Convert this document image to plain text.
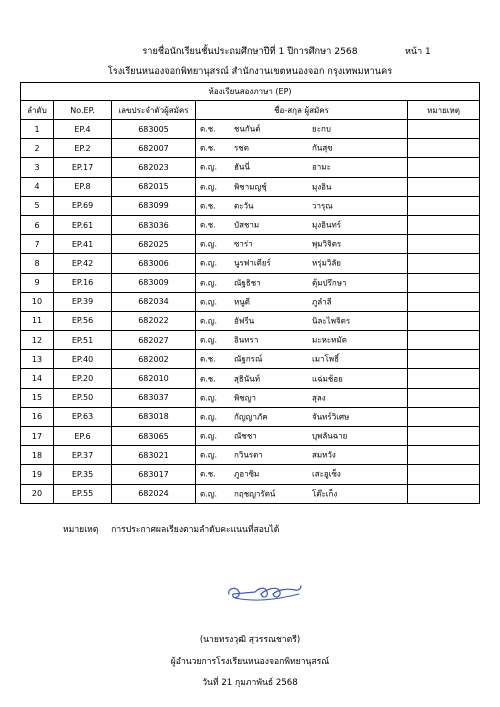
รายชื่อนักเรียนชั้นประถมศึกษาปีที่ 1 ปีการศึกษา 2568	หน้า 1
โรงเรียนหนองจอกพิทยานุสรณ์ สำนักงานเขตหนองจอก กรุงเทพมหานคร
ห้องเรียนสองภาษา (EP)				
ลำดับ	No.EP.	เลขประจำตัวผู้สมัคร	ชื่อ-สกุล ผู้สมัคร	หมายเหตุ
1	EP.4	683005	ด.ช. ชนกันต์ ยะกบ	

2	EP.2	682007	ด.ช. รชต กันสุข	

3	EP.17	682023	ด.ญ. ฮันนี่ อามะ	

4	EP.8	682015	ด.ญ. พิชามญชุ์ มุงอิน	

5	EP.69	683099	ด.ช. ตะวัน วารุณ	

6	EP.61	683036	ด.ช. บัสชาม มุงอินทร์	

7	EP.41	682025	ด.ญ. ซาร่า พุมวิจิตร	

8	EP.42	683006	ด.ญ. นูรฟาเดียร์ หรุ่มวิลัย	

9	EP.16	683009	ด.ญ. ณัฐธิชา ตุ้มปรึกษา	

10	EP.39	682034	ด.ญ. หนูดี ภูลำลี	

11	EP.56	682022	ด.ญ. อัฟรีน นิละไพจิตร	

12	EP.51	682027	ด.ญ. อินทรา มะหะหมัด	

13	EP.40	682002	ด.ช. ณัฐกรณ์ เมาโพธิ์	

14	EP.20	682010	ด.ช. สุธินันท์ แฉ่มช้อย	

15	EP.50	683037	ด.ญ. พิชญา สุลง	

16	EP.63	683018	ด.ญ. กัญญาภัค จันทร์วิเศษ	

17	EP.6	683065	ด.ญ. ณัชชา บุพลันฉาย	

18	EP.37	683021	ด.ญ. กวินรดา สมหวัง	

19	EP.35	683017	ด.ช. ภูอาซิม เสะอูเซ็ง	

20	EP.55	682024	ด.ญ. กฤชญารัตน์ โต๊ะเก็ง	

หมายเหตุ การประกาศผลเรียงตามลำดับคะแนนที่สอบได้
(นายทรงวุฒิ สุวรรณชาตรี)
ผู้อำนวยการโรงเรียนหนองจอกพิทยานุสรณ์
วันที่ 21 กุมภาพันธ์ 2568
